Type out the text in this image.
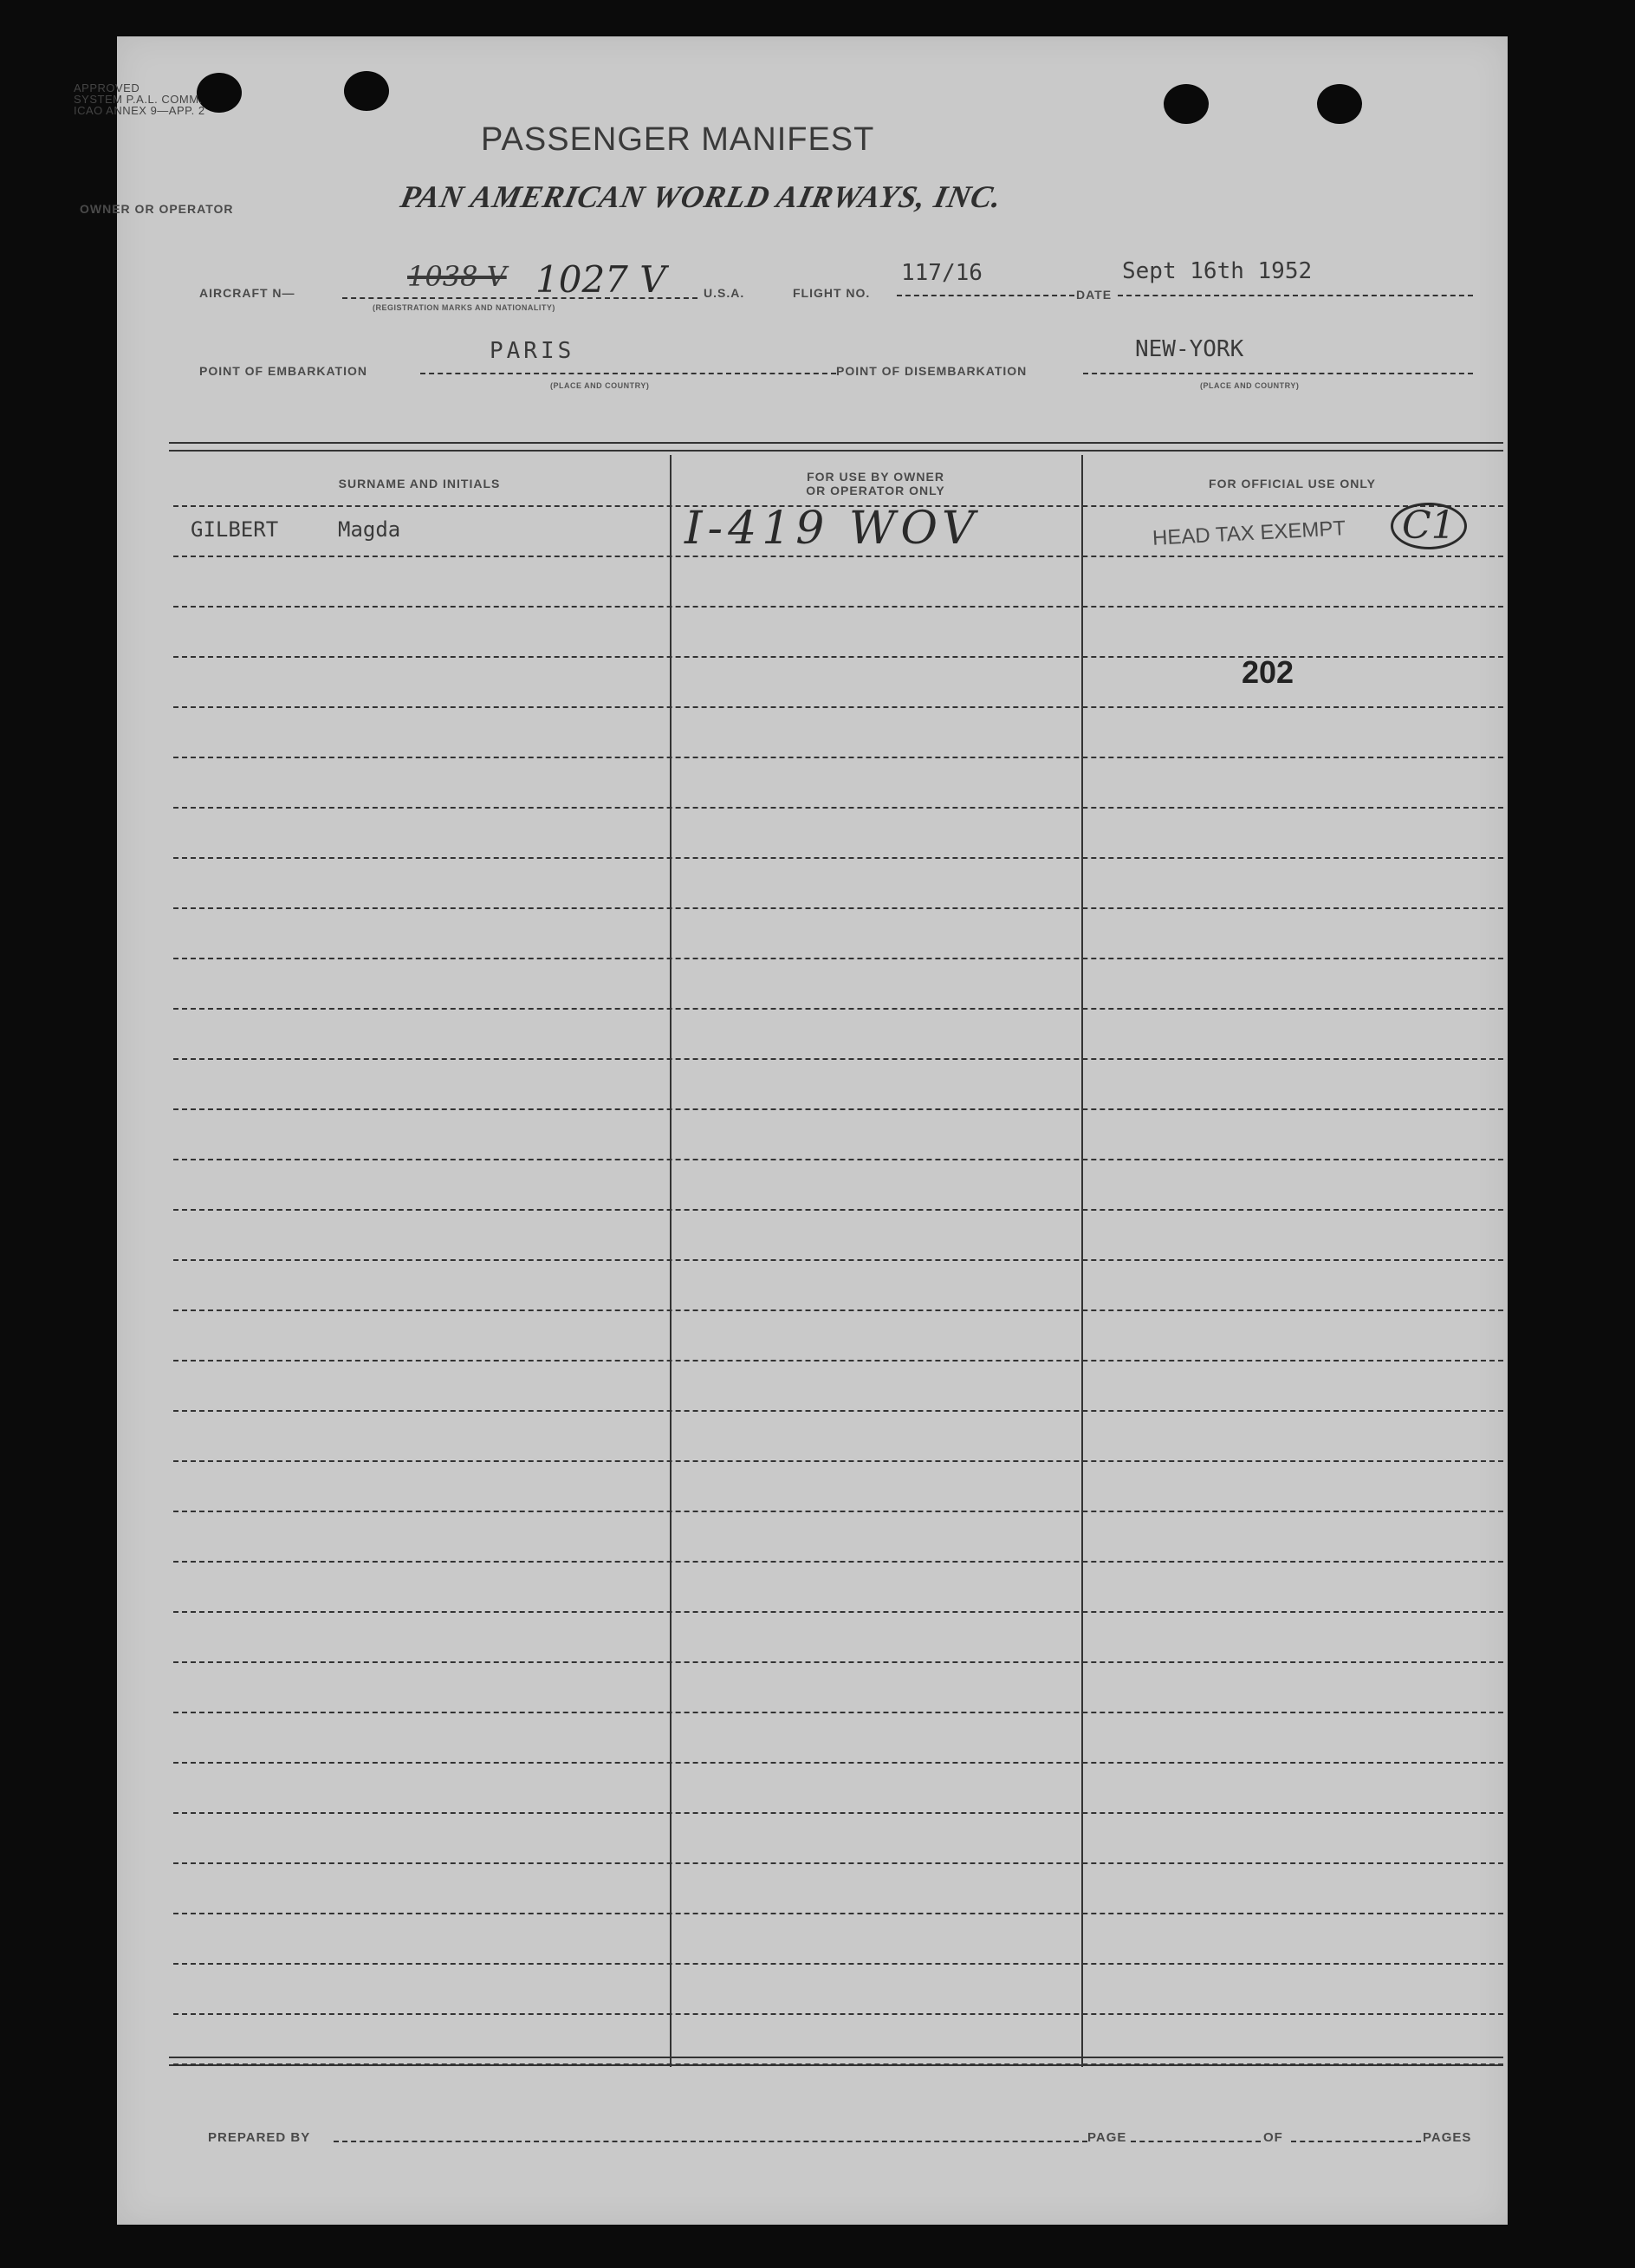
APPROVED
SYSTEM P.A.L. COMM.
ICAO ANNEX 9—APP. 2
PASSENGER MANIFEST
OWNER OR OPERATOR	PAN AMERICAN WORLD AIRWAYS, INC.
AIRCRAFT N—	1038 V 1027 V
(REGISTRATION MARKS AND NATIONALITY)
U.S.A.	FLIGHT NO.
117/16
DATE
Sept 16th 1952
POINT OF EMBARKATION
PARIS
(PLACE AND COUNTRY)
POINT OF DISEMBARKATION
NEW-YORK
(PLACE AND COUNTRY)
SURNAME AND INITIALS	FOR USE BY OWNER
OR OPERATOR ONLY	FOR OFFICIAL USE ONLY
GILBERT	Magda	I-419 WOV	HEAD TAX EXEMPT C1
202
PREPARED BY	PAGE	OF	PAGES
